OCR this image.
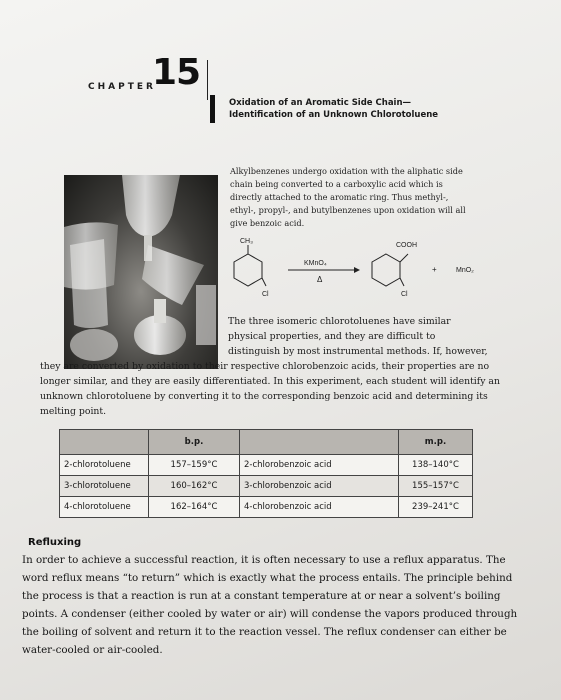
CHAPTER
15
Oxidation of an Aromatic Side Chain—
Identification of an Unknown Chlorotoluene
Alkylbenzenes undergo oxidation with the aliphatic side chain being converted to a carboxylic acid which is directly attached to the aromatic ring. Thus methyl-, ethyl-, propyl-, and butylbenzenes upon oxidation will all give benzoic acid.
CH₃
Cl
KMnO₄
Δ
COOH
Cl
+	MnO₂
The three isomeric chlorotoluenes have similar physical properties, and they are difficult to distinguish by most instrumental methods. If, however,
they are converted by oxidation to their respective chlorobenzoic acids, their properties are no longer similar, and they are easily differentiated. In this experiment, each student will identify an unknown chlorotoluene by converting it to the corresponding benzoic acid and determining its melting point.
	b.p.		m.p.
2-chlorotoluene	157–159°C	2-chlorobenzoic acid	138–140°C
3-chlorotoluene	160–162°C	3-chlorobenzoic acid	155–157°C
4-chlorotoluene	162–164°C	4-chlorobenzoic acid	239–241°C
Refluxing

In order to achieve a successful reaction, it is often necessary to use a reflux apparatus. The word reflux means “to return” which is exactly what the process entails. The principle behind the process is that a reaction is run at a constant temperature at or near a solvent’s boiling points. A condenser (either cooled by water or air) will condense the vapors produced through the boiling of solvent and return it to the reaction vessel. The reflux condenser can either be water-cooled or air-cooled.
